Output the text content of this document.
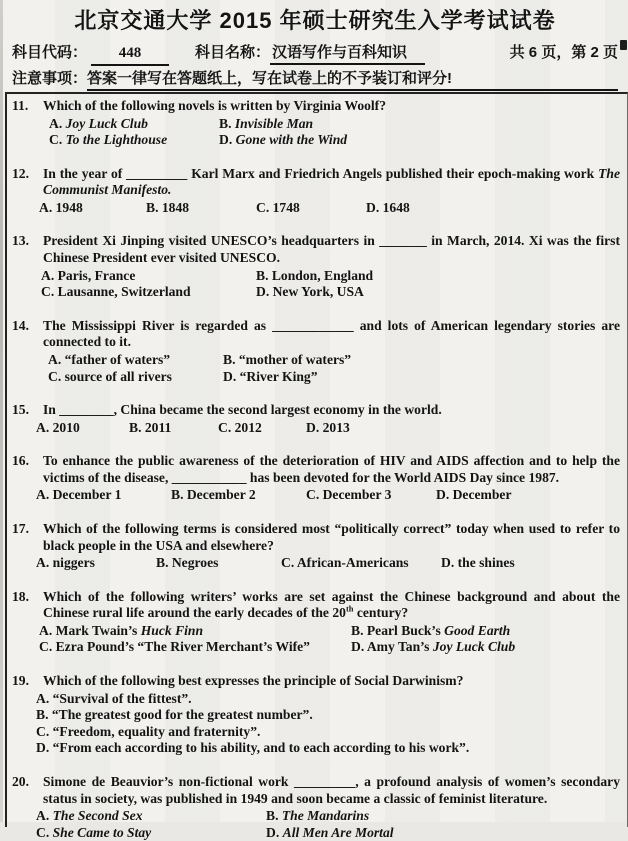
北京交通大学 2015 年硕士研究生入学考试试卷
科目代码：	448	科目名称： 汉语写作与百科知识	共 6 页，第 2 页
注意事项： 答案一律写在答题纸上，写在试卷上的不予装订和评分!
11.	Which of the following novels is written by Virginia Woolf?
A. Joy Luck Club	B. Invisible Man
C. To the Lighthouse	D. Gone with the Wind
12.	In the year of _________ Karl Marx and Friedrich Angels published their epoch-making work The Communist Manifesto.
A. 1948	B. 1848	C. 1748	D. 1648
13.	President Xi Jinping visited UNESCO’s headquarters in _______ in March, 2014. Xi was the first Chinese President ever visited UNESCO.
A. Paris, France	B. London, England
C. Lausanne, Switzerland	D. New York, USA
14.	The Mississippi River is regarded as ____________ and lots of American legendary stories are connected to it.
A. “father of waters”	B. “mother of waters”
C. source of all rivers	D. “River King”
15.	In ________, China became the second largest economy in the world.
A. 2010	B. 2011	C. 2012	D. 2013
16.	To enhance the public awareness of the deterioration of HIV and AIDS affection and to help the victims of the disease, ___________ has been devoted for the World AIDS Day since 1987.
A. December 1	B. December 2	C. December 3	D. December
17.	Which of the following terms is considered most “politically correct” today when used to refer to black people in the USA and elsewhere?
A. niggers	B. Negroes	C. African-Americans	D. the shines
18.	Which of the following writers’ works are set against the Chinese background and about the Chinese rural life around the early decades of the 20th century?
A. Mark Twain’s Huck Finn	B. Pearl Buck’s Good Earth
C. Ezra Pound’s “The River Merchant’s Wife”	D. Amy Tan’s Joy Luck Club
19.	Which of the following best expresses the principle of Social Darwinism?
A. “Survival of the fittest”.
B. “The greatest good for the greatest number”.
C. “Freedom, equality and fraternity”.
D. “From each according to his ability, and to each according to his work”.
20.	Simone de Beauvior’s non-fictional work _________, a profound analysis of women’s secondary status in society, was published in 1949 and soon became a classic of feminist literature.
A. The Second Sex	B. The Mandarins
C. She Came to Stay	D. All Men Are Mortal
